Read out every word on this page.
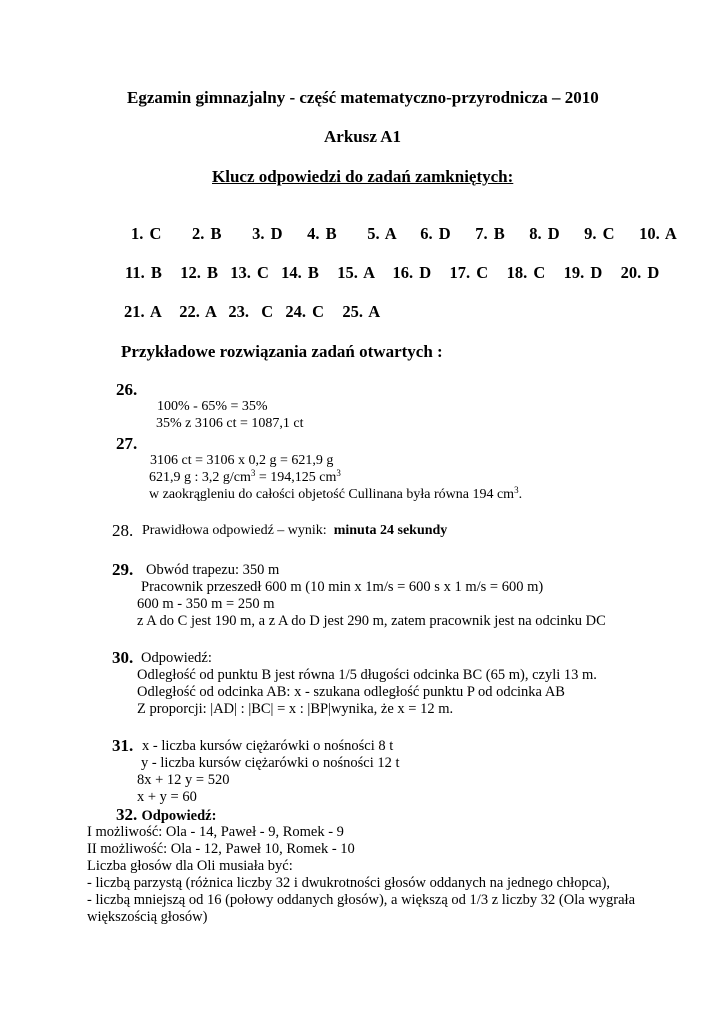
Egzamin gimnazjalny - część matematyczno-przyrodnicza – 2010
Arkusz A1
Klucz odpowiedzi do zadań zamkniętych:
1. C     2. B     3. D    4. B     5. A    6. D    7. B    8. D    9. C    10. A
11. B   12. B  13. C  14. B   15. A   16. D   17. C   18. C   19. D   20. D
21. A   22. A  23.  C  24. C   25. A
Przykładowe rozwiązania zadań otwartych :
26.
100% - 65% = 35%
35% z 3106 ct = 1087,1 ct
27.
3106 ct = 3106 x 0,2 g = 621,9 g
621,9 g : 3,2 $g/cm^3 = 194,125$ $cm^3$
w zaokrągleniu do całości objetość Cullinana była równa 194 $cm^3$.
28. Prawidłowa odpowiedź – wynik: minuta 24 sekundy
29. Obwód trapezu: 350 m
Pracownik przeszedł 600 m (10 min x 1m/s = 600 s x 1 m/s = 600 m)
600 m - 350 m = 250 m
z A do C jest 190 m, a z A do D jest 290 m, zatem pracownik jest na odcinku DC
30. Odpowiedź:
Odległość od punktu B jest równa 1/5 długości odcinka BC (65 m), czyli 13 m.
Odległość od odcinka AB: x - szukana odległość punktu P od odcinka AB
Z proporcji: |AD| : |BC| = x : |BP|wynika, że x = 12 m.
31. x - liczba kursów ciężarówki o nośności 8 t
y - liczba kursów ciężarówki o nośności 12 t
8x + 12 y = 520
x + y = 60
32. Odpowiedź:
I możliwość: Ola - 14, Paweł - 9, Romek - 9
II możliwość: Ola - 12, Paweł 10, Romek - 10
Liczba głosów dla Oli musiała być:
- liczbą parzystą (różnica liczby 32 i dwukrotności głosów oddanych na jednego chłopca),
- liczbą mniejszą od 16 (połowy oddanych głosów), a większą od 1/3 z liczby 32 (Ola wygrała
większością głosów)
